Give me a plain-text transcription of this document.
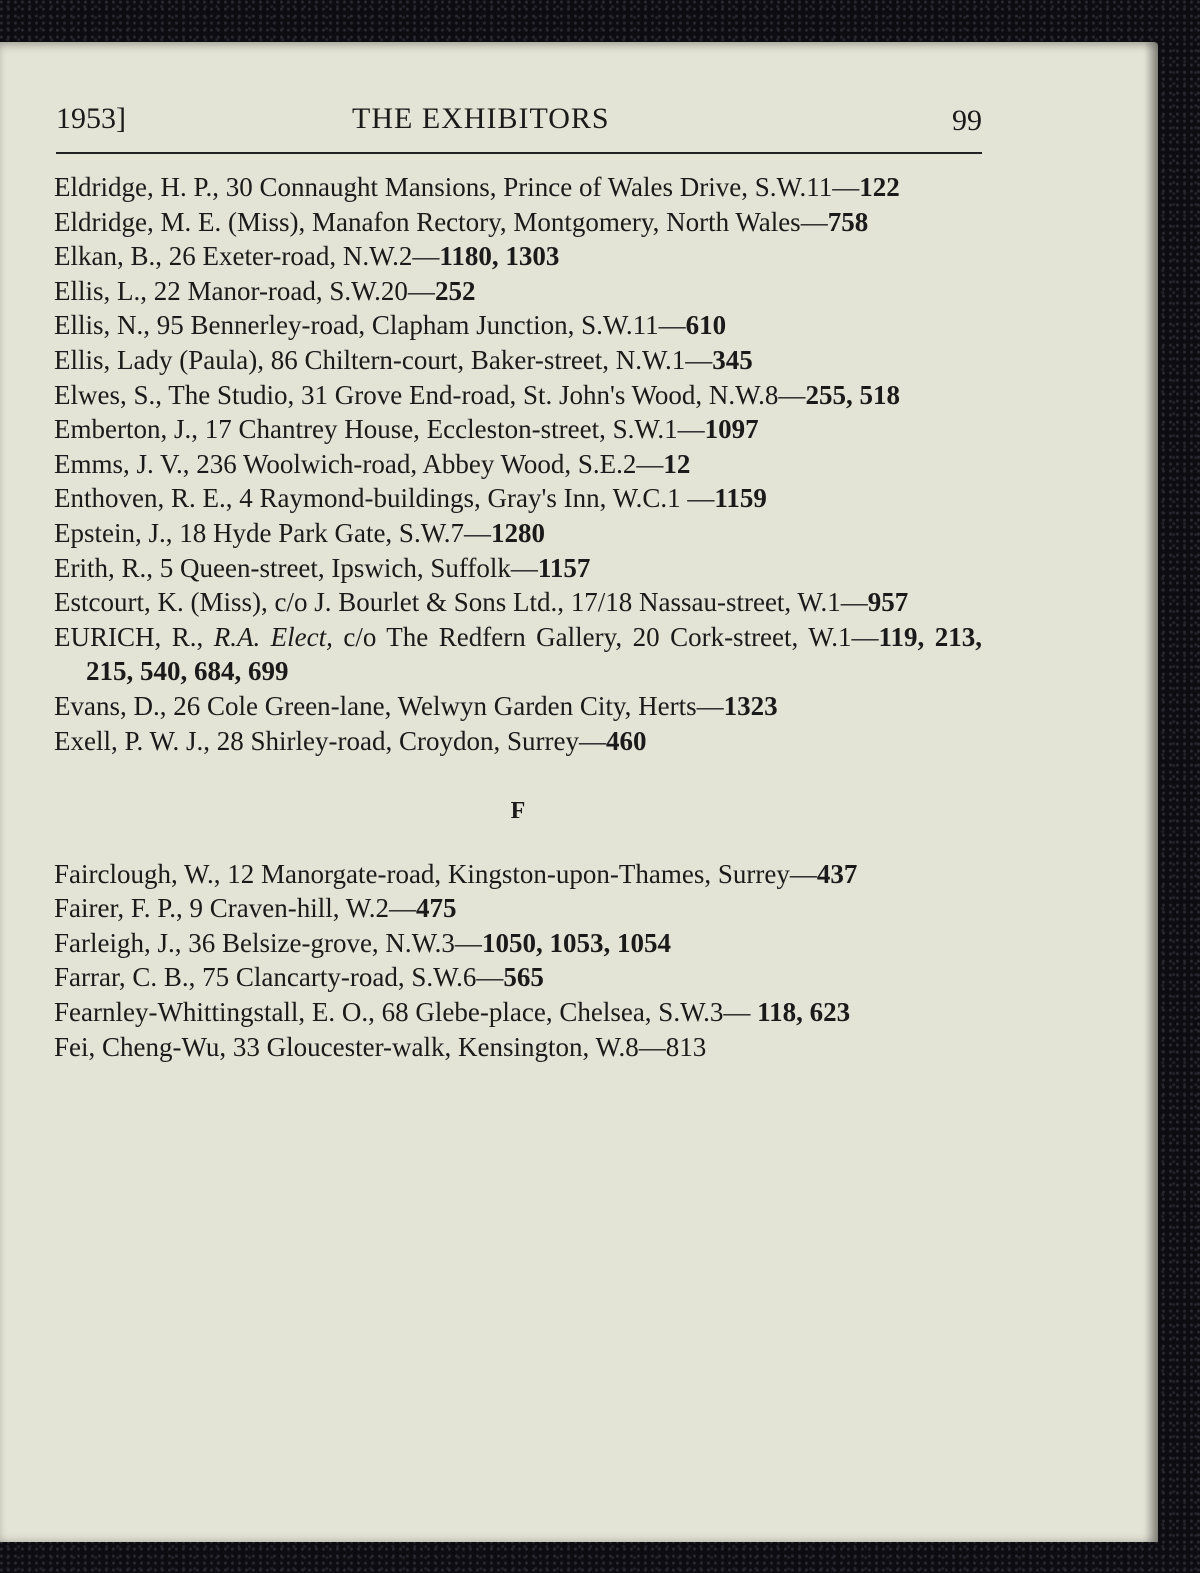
1953]	THE EXHIBITORS	99
Eldridge, H. P., 30 Connaught Mansions, Prince of Wales Drive, S.W.11—122
Eldridge, M. E. (Miss), Manafon Rectory, Montgomery, North Wales—758
Elkan, B., 26 Exeter-road, N.W.2—1180, 1303
Ellis, L., 22 Manor-road, S.W.20—252
Ellis, N., 95 Bennerley-road, Clapham Junction, S.W.11—610
Ellis, Lady (Paula), 86 Chiltern-court, Baker-street, N.W.1—345
Elwes, S., The Studio, 31 Grove End-road, St. John's Wood, N.W.8—255, 518
Emberton, J., 17 Chantrey House, Eccleston-street, S.W.1—1097
Emms, J. V., 236 Woolwich-road, Abbey Wood, S.E.2—12
Enthoven, R. E., 4 Raymond-buildings, Gray's Inn, W.C.1 —1159
Epstein, J., 18 Hyde Park Gate, S.W.7—1280
Erith, R., 5 Queen-street, Ipswich, Suffolk—1157
Estcourt, K. (Miss), c/o J. Bourlet & Sons Ltd., 17/18 Nassau-street, W.1—957
EURICH, R., R.A. Elect, c/o The Redfern Gallery, 20 Cork-street, W.1—119, 213, 215, 540, 684, 699
Evans, D., 26 Cole Green-lane, Welwyn Garden City, Herts—1323
Exell, P. W. J., 28 Shirley-road, Croydon, Surrey—460
F
Fairclough, W., 12 Manorgate-road, Kingston-upon-Thames, Surrey—437
Fairer, F. P., 9 Craven-hill, W.2—475
Farleigh, J., 36 Belsize-grove, N.W.3—1050, 1053, 1054
Farrar, C. B., 75 Clancarty-road, S.W.6—565
Fearnley-Whittingstall, E. O., 68 Glebe-place, Chelsea, S.W.3— 118, 623
Fei, Cheng-Wu, 33 Gloucester-walk, Kensington, W.8—813
